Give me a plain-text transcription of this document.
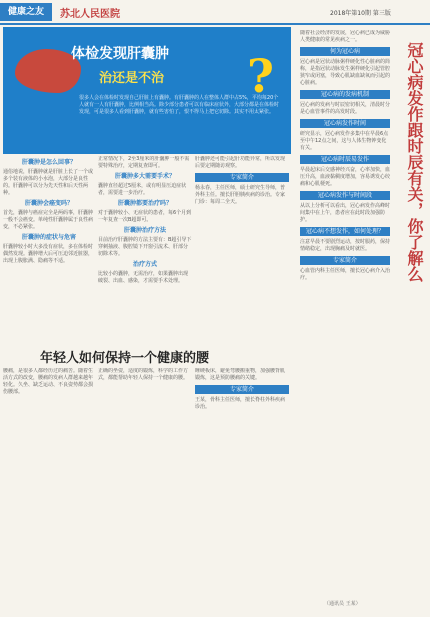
健康之友	苏北人民医院	2018年第10期 第三版
体检发现肝囊肿
治还是不治 ?
很多人会在体检时发现自己肝脏上有囊肿。有肝囊肿的人在整体人群中占5%，平均每20个人就有一人有肝囊肿，比例相当高。除少部分患者可以有临床症状外，大部分都是在体检时发现，可是很多人看到肝囊肿，就有些害怕了，恨不得马上把它切除。其实不用太紧张。
肝囊肿是怎么回事？

通俗地说，肝囊肿就是肝脏上长了一个或多个装有液体的小水泡，大部分是良性的。肝囊肿可以分为先天性和后天性两种。

肝囊肿会癌变吗？

首先，囊肿与癌症完全是两码事，肝囊肿一般不会癌变。单纯性肝囊肿属于良性病变，不必紧张。

肝囊肿的症状与危害

肝囊肿较小时大多没有症状，多在体检时偶然发现。囊肿增大后可压迫邻近脏器，出现上腹胀满、隐痛等不适。

正常情况下，2至3厘米的肝囊肿一般不需要特殊治疗，定期复查即可。

肝囊肿多大需要手术？

囊肿直径超过5厘米，或有明显压迫症状者，需要进一步治疗。

肝囊肿都要治疗吗？

对于囊肿较小、无症状的患者，每6个月到一年复查一次B超即可。

肝囊肿治疗方法

目前治疗肝囊肿的方法主要有：B超引导下穿刺抽液、腹腔镜下开窗引流术、肝部分切除术等。

治疗方式

比较小的囊肿，无需治疗，如果囊肿出现破裂、出血、感染，才需要手术处理。

肝囊肿还可能引起肝功能异常，所以发现后要定期随访观察。

专家简介

杨永春，主任医师，硕士研究生导师，普外科主任。擅长肝胆胰疾病的诊治。专家门诊：每周二全天。

年轻人如何保持一个健康的腰

腰痛，是很多人都经历过的痛苦。随着生活方式的改变，腰痛的发病人群越来越年轻化。久坐、缺乏运动、不良姿势都会损伤腰部。

正确的坐姿，适度的锻炼，科学的工作方式，都能帮助年轻人保持一个健康的腰。

睡硬板床，避免弯腰搬重物，加强腰背肌锻炼，这是预防腰痛的关键。

专家简介

王某，骨科主任医师，擅长脊柱外科疾病诊治。

冠心病发作跟时辰有关，你了解么

随着社会经济的发展，冠心病已成为威胁人类健康的常见疾病之一。

何为冠心病

冠心病是冠状动脉粥样硬化性心脏病的简称，是指冠状动脉发生粥样硬化引起管腔狭窄或闭塞，导致心肌缺血缺氧而引起的心脏病。

冠心病的发病机制

冠心病的发病与时辰密切相关，清晨时分是心血管事件的高发时段。

冠心病发作时间

研究显示，冠心病发作多集中在早晨6点至中午12点之间，这与人体生物钟变化有关。

冠心病时辰易发作

早晨起床后交感神经兴奋，心率加快，血压升高，血液黏稠度增加，容易诱发心绞痛和心肌梗死。

冠心病发作与时间段

从以上分析可以看出，冠心病发作高峰时间集中在上午，患者应在此时段加强防护。

冠心病不想发作，如何处理？

注意早晨不要剧烈运动，按时服药，保持情绪稳定，出现胸痛及时就医。

专家简介

心血管内科主任医师，擅长冠心病介入治疗。

（通讯员 王某）
